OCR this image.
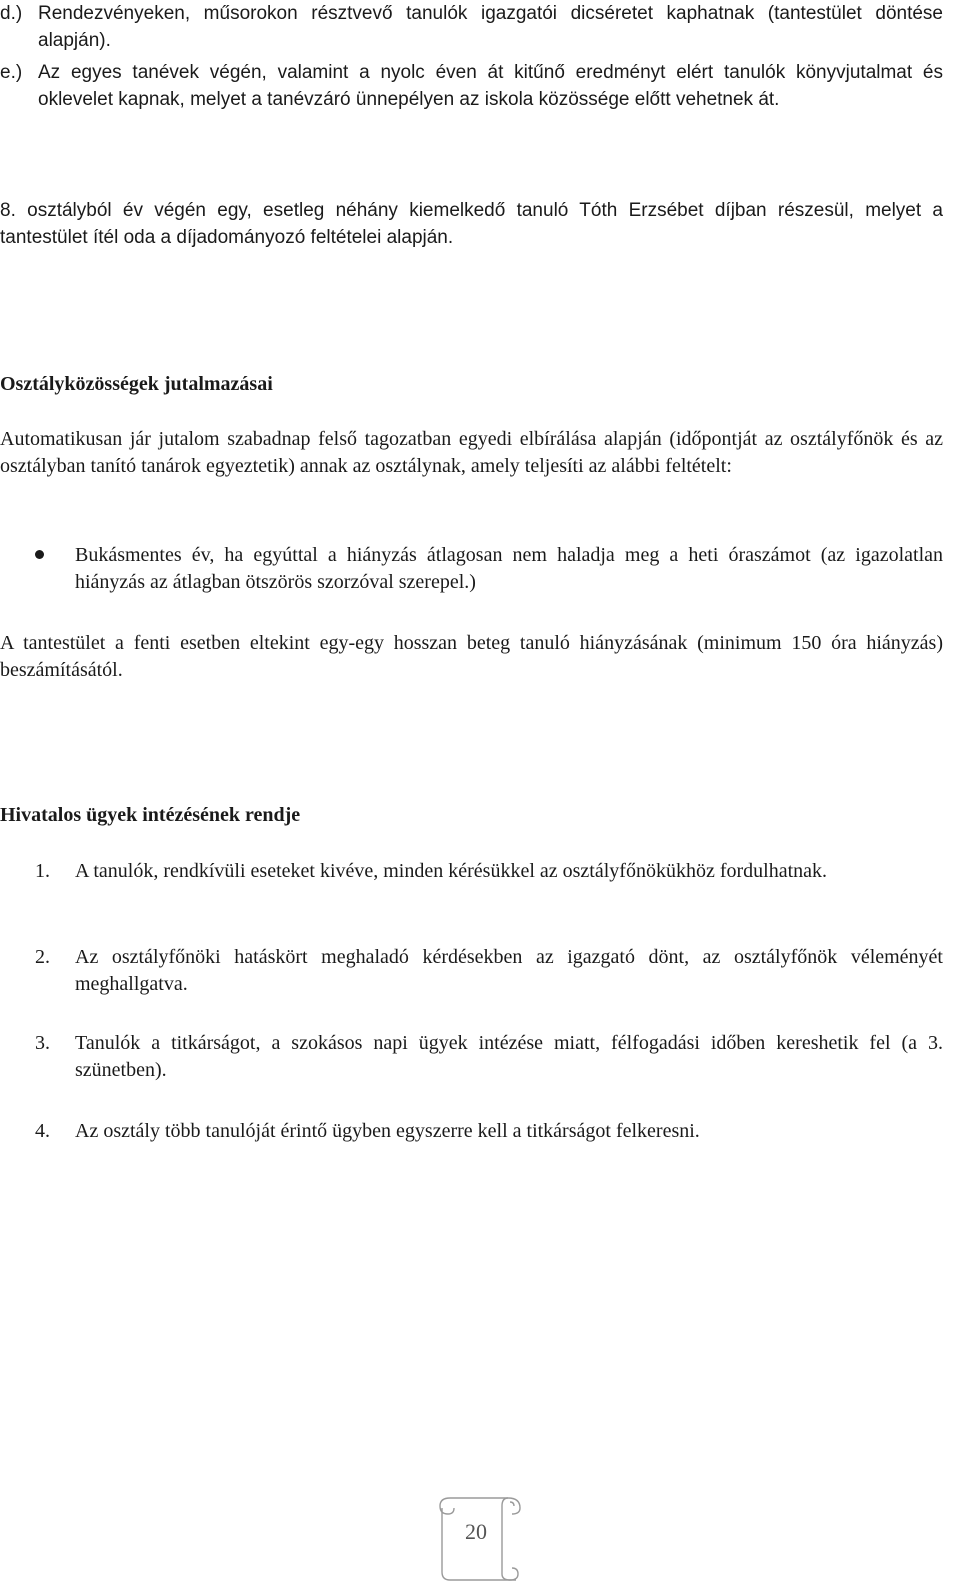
d.) Rendezvényeken, műsorokon résztvevő tanulók igazgatói dicséretet kaphatnak (tantestület döntése alapján).
e.) Az egyes tanévek végén, valamint a nyolc éven át kitűnő eredményt elért tanulók könyvjutalmat és oklevelet kapnak, melyet a tanévzáró ünnepélyen az iskola közössége előtt vehetnek át.
8. osztályból év végén egy, esetleg néhány kiemelkedő tanuló Tóth Erzsébet díjban részesül, melyet a tantestület ítél oda a díjadományozó feltételei alapján.
Osztályközösségek jutalmazásai
Automatikusan jár jutalom szabadnap felső tagozatban egyedi elbírálása alapján (időpontját az osztályfőnök és az osztályban tanító tanárok egyeztetik) annak az osztálynak, amely teljesíti az alábbi feltételt:
Bukásmentes év, ha egyúttal a hiányzás átlagosan nem haladja meg a heti óraszámot (az igazolatlan hiányzás az átlagban ötszörös szorzóval szerepel.)
A tantestület a fenti esetben eltekint egy-egy hosszan beteg tanuló hiányzásának (minimum 150 óra hiányzás) beszámításától.
Hivatalos ügyek intézésének rendje
1. A tanulók, rendkívüli eseteket kivéve, minden kérésükkel az osztályfőnökükhöz fordulhatnak.
2. Az osztályfőnöki hatáskört meghaladó kérdésekben az igazgató dönt, az osztályfőnök véleményét meghallgatva.
3. Tanulók a titkárságot, a szokásos napi ügyek intézése miatt, félfogadási időben kereshetik fel (a 3. szünetben).
4. Az osztály több tanulóját érintő ügyben egyszerre kell a titkárságot felkeresni.
20
